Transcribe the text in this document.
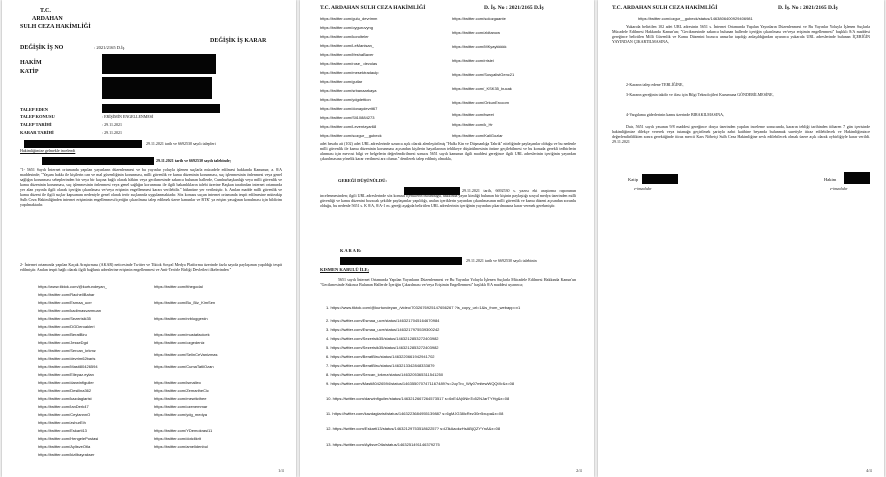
T.C.
ARDAHAN
SULH CEZA HAKİMLİĞİ
DEĞİŞİK İŞ KARAR
DEĞİŞİK İŞ NO	: 2021/2165 D.İş
HAKİM
KATİP
TALEP EDEN
TALEP KONUSU	: ERİŞİMİN ENGELLENMESİ
TALEP TARİHİ	: 29.11.2021
KARAR TARİHİ	: 29.11.2021
29.11.2021 tarih ve 6692530 sayılı talepleri
Hakimliğimize gelmekle incelendi
29.11.2021 tarih ve 6692530 sayılı talebinde;
"1- 5651 Sayılı İnternet ortamında yapılan yayınların düzenlenmesi ve bu yayınlar yoluyla işlenen suçlarla mücadele edilmesi hakkında Kanunun; a. 8/A maddesinde; "Yaşam hakkı ile kişilerin can ve mal güvenliğinin korunması, milli güvenlik ve kamu düzeninin korunması, suç işlenmesinin önlenmesi veya genel sağlığın korunması sebeplerinden bir veya bir kaçına bağlı olarak hâkim veya gecikmesinde sakınca bulunan hallerde, Cumhurbaşkanlığı veya milli güvenlik ve kamu düzeninin korunması, suç işlenmesinin önlenmesi veya genel sağlığın korunması ile ilgili bakanlıkların talebi üzerine Başkan tarafından internet ortamında yer alan yayınla ilgili olarak içeriğin çıkarılması ve/veya erişimin engellenmesi kararı verilebilir." hükmüne yer verilmiştir. b. Anılan madde milli güvenlik ve kamu düzeni ile ilgili suçlar kapsamını nedeniyle genel olarak terör suçlarında uygulanmaktadır. Söz konusu suçun internet ortamında tespit edilmesine müteakip Sulh Ceza Hakimliğinden internet erişiminin engellenmesi/içeriğin çıkarılması talep edilmek üzere kanunlar ve BTK' ya erişim yasağının konulması için bildirim yapılmaktadır.
2- İnternet ortamında yapılan Kaçak Araştırması (AKAR) neticesinde Twitter ve Tiktok Sosyal Medya Platformu üzerinde fazla sayıda paylaşımın yapıldığı tespit edilmiştir. Anılan tespit bağlı olarak ilgili bağlantı adreslerine erişimin engellenmesi ve Anti-Terörle Birliği Devletleri ilkelerinden "
https://www.tiktok.com/@kurtundeyan_
https://twitter.com/RacheIlBahar
https://twitter.com/Esmaa_ucrr
https://twitter.com/kadirnasvarmuan
https://twitter.com/Sezerisik35
https://twitter.com/DGDeroakleri
https://twitter.com/BeratBiru
https://twitter.com/JesseDgd
https://twitter.com/Sercan_krkmz
https://twitter.com/devrim62baris
https://twitter.com/Masti80426594
https://twitter.com/Elleyaz.eylan
https://twitter.com/darwinfiguiler
https://twitter.com/Desilina362
https://twitter.com/kazdaglarist
https://twitter.com/IanDerk47
https://twitter.com/CeylannnO
https://twitter.com/zshurEih
https://twitter.com/Eskarti13
https://twitter.com/HengelePostasi
https://twitter.com/AylisveOtla
https://twitter.com/kizilbayrakser
https://twitter.com/tthegodal
https://twitter.com/Bu_Biz_KimSen
https://twitter.com/nrbloggerdn
https://twitter.com/mustafacicek
https://twitter.com/ozgedeniz
https://twitter.com/SelinCeVanizmas
https://twitter.com/CumaTatliOzan
https://twitter.com/ismalleo
https://twitter.com/ZemariheCic
https://twitter.com/mewitcthee
https://twitter.com/ozenemmar
https://twitter.com/ydg_medya
https://twitter.com/YDemokrasi11
https://twitter.com/dotclikrit
https://twitter.com/amelidenbul
1/4
T.C. ARDAHAN SULH CEZA HAKİMLİĞİ	D. İş. No : 2021/2165 D.İş
https://twitter.com/gulu_devrimm
https://twitter.com/oyguruvyng
https://twitter.com/korolteler
https://twitter.com/LeManisan_
https://twitter.com/IfeshaBaver
https://twitter.com/rose_ devolas
https://twitter.com/mesektradaulp
https://twitter.com/gutlar
https://twitter.com/srbanaarkaya
https://twitter.com/ydgdettion
https://twitter.com/donaydevrit67
https://twitter.com/Sli10884273
https://twitter.com/Leventzyar68
https://twitter.com/sozgur__gubeck
https://twitter.com/solozgaante
https://twitter.com/zldtanow
https://twitter.com/MKyaykkkkk
https://twitter.com/rrisiei
https://twitter.com/SosyalistGenc21
https://twitter.com/_KSK35_bucak
https://twitter.com/OrkunErcoom
https://twitter.com/tweet
https://twitter.com/k_Hr
https://twitter.com/KaliGozlar
adet hesabı ait (102) adet URL adreslerinde uzunca açık olarak alenleştirilmiş "Halkı Kin ve Düşmanlığa Tahrik" niteliğinde paylaşımlar olduğu ve bu nedenle milli güvenlik ile kamu düzeninin korunması açısından kişilerin hayatlarının tehlikeye düşürülmesinin önüne geçilebilmesi ve bu konuda gerekli tedbirlerin alınması için mevcut bilgi ve belgelerin değerlendirilmesi sonucu 5651 sayılı kanunun ilgili maddesi gereğince ilgili URL adreslerinin içeriğinin yayından çıkarılmasına yönelik karar verilmesi arz olunur." denilerek talep edilmiş olmakla,
GEREĞİ DÜŞÜNÜLDÜ:
29.11.2021 tarih, 6692530 s. yazısı eki araştırma raporunun incelenmesinden; ilgili URL adreslerinde söz konusu içeriklerin bulunduğu, hakkında yayın kimliği bulunan bir kişinin paylaştığı sosyal medya üzerinden milli güvenliği ve kamu düzenini bozacak şekilde paylaşımlar yapıldığı, anılan içeriklerin yayından çıkarılmasının milli güvenlik ve kamu düzeni açısından zorunlu olduğu, bu nedenle 5651 s. K 8/A, 8/A-1 m. gereği aşağıda belirtilen URL adreslerinin içeriğinin yayından çıkarılmasına karar vermek gerekmiştir.
K A R A R:
29.11.2021 tarih ve 6692530 sayılı talebinin
KISMEN KABULÜ İLE;
5651 sayılı İnternet Ortamında Yapılan Yayınların Düzenlenmesi ve Bu Yayınlar Yoluyla İşlenen Suçlarla Mücadele Edilmesi Hakkında Kanun'un "Gecikmesinde Sakınca Bulunan Hallerde İçeriğin Çıkarılması ve/veya Erişimin Engellenmesi" başlıklı 8/A maddesi uyarınca;
1. https://www.tiktok.com/@kurtundeyan_/video/7032676925147656267 ?is_copy_url=1&is_from_webapp=v1
2. https://twitter.com/Esmaa_ucrr/status/1463217045164670984
3. https://twitter.com/Esmaa_ucrr/status/1463217975539300242
4. https://twitter.com/Sezerisik35/status/1463212853272403982
5. https://twitter.com/Sezerisik35/status/1463212853272403982
6. https://twitter.com/BeratBiru/status/1463220661942941702
7. https://twitter.com/BeratBiru/status/1463213342848333879
8. https://twitter.com/Sercan_krkmz/status/1463205365311541250
9. https://twitter.com/Masti80426594/status/1463550707471167489?s=2uyTro_Wly07mitewWQQtXr&x=08
10. https://twitter.com/darwinfiguiler/status/1463212667264573517 s=6xE4A)6NinTo52NJarTYHg&x=08
11. https://twitter.com/kazdaglarist/status/1463223684955139887 s=6gMJG38lcRez30rr5xupa&x=08
12. https://twitter.com/Eskarti13/status/1463212975351862257? s=lZlkAaokzHsABjQZYYnA&x=08
13. https://twitter.com/AylisveOtla/status/1463251491146379275
2/4
T.C. ARDAHAN SULH CEZA HAKİMLİĞİ	D. İş. No : 2021/2165 D.İş
https://twitter.com/ozgur__gubeck/status/1463806400929406981
Yukarıda belirtilen 102 adet URL adresinin 5651 s. İnternet Ortamında Yapılan Yayınların Düzenlenmesi ve Bu Yayınlar Yoluyla İşlenen Suçlarla Mücadele Edilmesi Hakkında Kanun'un; "Gecikmesinde sakınca bulunan hallerde içeriğin çıkarılması ve/veya erişimin engellenmesi" başlıklı 8/A maddesi gereğince belirtilen Milli Güvenlik ve Kamu Düzenini bozucu unsurlar taşıdığı anlaşıldığından uyarınca yukarıda URL adreslerinde bulunan İÇERİĞİN YAYINDAN ÇIKARTILMASINA,
2-Kararın talep edene TEBLİĞİNE,
3-Kararın gereğinin takdir ve ifası için Bilgi Teknolojileri Kurumuna GÖNDERİLMESİNE,
4-Vargılama giderlerinin kamu üzerinde BIRAKILMASINA,
Dair, 5651 sayılı yasanın 9/8 maddesi gereğince dosya üzerinden yapılan inceleme sonucunda, kararın tebliği tarihinden itibaren 7 gün içerisinde hakimliğimize dilekçe vererek veya tutanağa geçirilmek şartıyla zabıt katibine beyanda bulunmak suretiyle itiraz edilebilecek ve Hakimliğimizce değerlendirildikten sonra gerektiğinde itiraz mercii Kars Nöbetçi Sulh Ceza Hakimliğine sevk edilebilecek olmak üzere açık olarak oybirliğiyle karar verildi. 29.11.2021
Katip
e-imzalıdır
Hakim
e-imzalıdır
4/4
